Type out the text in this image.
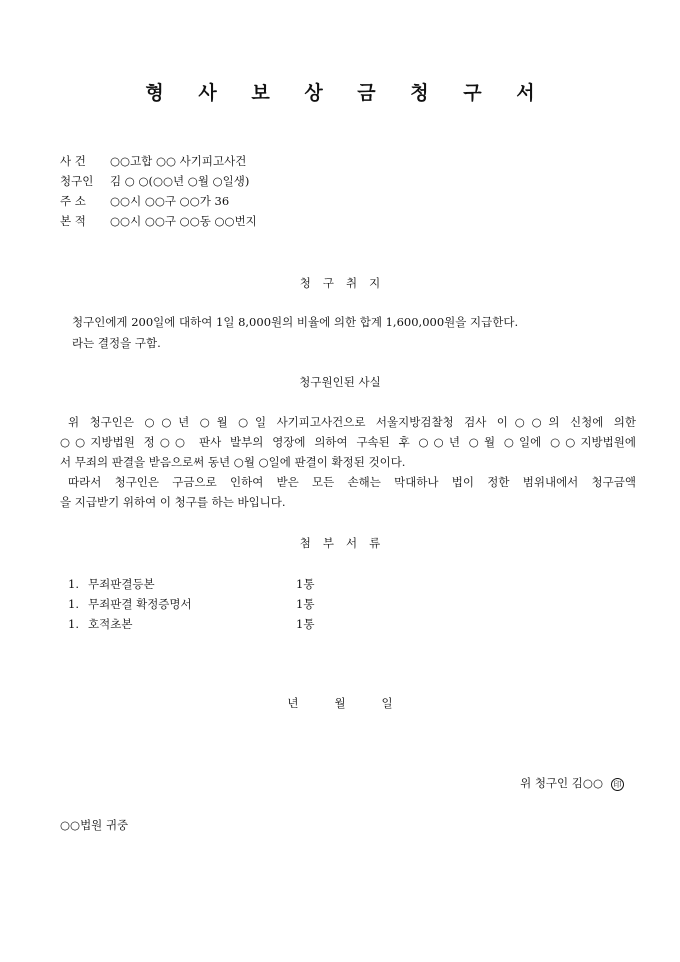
형 사 보 상 금 청 구 서
사 건 ○○고합 ○○ 사기피고사건
청구인 김 ○ ○(○○년 ○월 ○일생)
주 소 ○○시 ○○구 ○○가 36
본 적 ○○시 ○○구 ○○동 ○○번지
청구취지
청구인에게 200일에 대하여 1일 8,000원의 비율에 의한 합계 1,600,000원을 지급한다.
라는 결정을 구함.
청구원인된 사실
위 청구인은 ○○년 ○월 ○일 사기피고사건으로 서울지방검찰청 검사 이○○의 신청에 의한
○○지방법원 정○○ 판사 발부의 영장에 의하여 구속된 후 ○○년 ○월 ○일에 ○○지방법원에
서 무죄의 판결을 받음으로써 동년 ○월 ○일에 판결이 확정된 것이다.
따라서 청구인은 구금으로 인하여 받은 모든 손해는 막대하나 법이 정한 범위내에서 청구금액
을 지급받기 위하여 이 청구를 하는 바입니다.
첨부서류
1. 무죄판결등본	1통
1. 무죄판결 확정증명서	1통
1. 호적초본	1통
년	월	일
위 청구인 김○○ 印
○○법원 귀중
